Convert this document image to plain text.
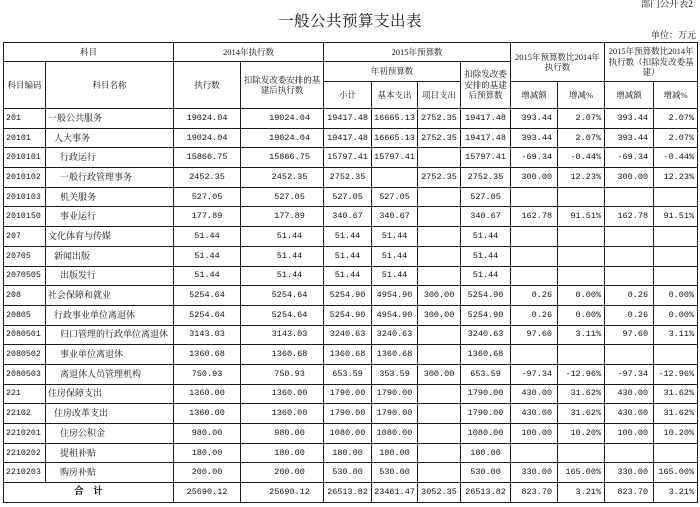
部门公开表2
一般公共预算支出表
单位：万元
科目		2014年执行数		2015年预算数				2015年预算数比2014年执行数		2015年预算数比2014年执行数（扣除发改委基建）	
科目编码	科目名称	执行数	扣除发改委安排的基建后执行数	年初预算数			扣除发改委安排的基建后预算数				
				小计	基本支出	项目支出		增减额	增减%	增减额	增减%
201	一般公共服务	19024.04	19024.04	19417.48	16665.13	2752.35	19417.48	393.44	2.07%	393.44	2.07%
20101	人大事务	19024.04	19024.04	19417.48	16665.13	2752.35	19417.48	393.44	2.07%	393.44	2.07%
2010101	行政运行	15866.75	15866.75	15797.41	15797.41		15797.41	-69.34	-0.44%	-69.34	-0.44%
2010102	一般行政管理事务	2452.35	2452.35	2752.35		2752.35	2752.35	300.00	12.23%	300.00	12.23%
2010103	机关服务	527.05	527.05	527.05	527.05		527.05				
2010150	事业运行	177.89	177.89	340.67	340.67		340.67	162.78	91.51%	162.78	91.51%
207	文化体育与传媒	51.44	51.44	51.44	51.44		51.44				
20705	新闻出版	51.44	51.44	51.44	51.44		51.44				
2070505	出版发行	51.44	51.44	51.44	51.44		51.44				
208	社会保障和就业	5254.64	5254.64	5254.90	4954.90	300.00	5254.90	0.26	0.00%	0.26	0.00%
20805	行政事业单位离退休	5254.64	5254.64	5254.90	4954.90	300.00	5254.90	0.26	0.00%	0.26	0.00%
2080501	归口管理的行政单位离退休	3143.03	3143.03	3240.63	3240.63		3240.63	97.60	3.11%	97.60	3.11%
2080502	事业单位离退休	1360.68	1360.68	1360.68	1360.68		1360.68				
2080503	离退休人员管理机构	750.93	750.93	653.59	353.59	300.00	653.59	-97.34	-12.96%	-97.34	-12.96%
221	住房保障支出	1360.00	1360.00	1790.00	1790.00		1790.00	430.00	31.62%	430.00	31.62%
22102	住房改革支出	1360.00	1360.00	1790.00	1790.00		1790.00	430.00	31.62%	430.00	31.62%
2210201	住房公积金	980.00	980.00	1080.00	1080.00		1080.00	100.00	10.20%	100.00	10.20%
2210202	提租补贴	180.00	180.00	180.00	180.00		180.00				
2210203	购房补贴	200.00	200.00	530.00	530.00		530.00	330.00	165.00%	330.00	165.00%
合    计		25690.12	25690.12	26513.82	23461.47	3052.35	26513.82	823.70	3.21%	823.70	3.21%
